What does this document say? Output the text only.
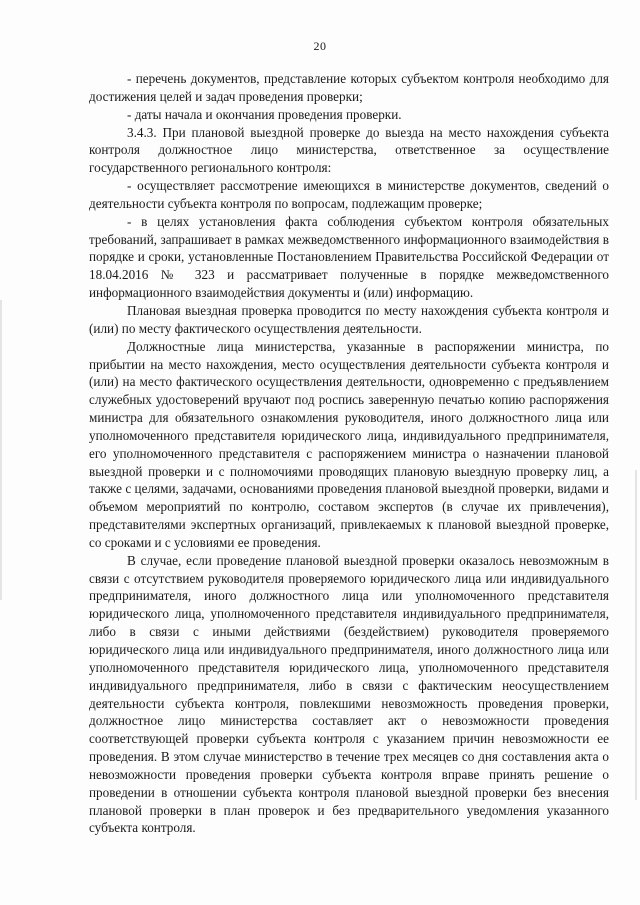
20

- перечень документов, представление которых субъектом контроля необходимо для достижения целей и задач проведения проверки;

- даты начала и окончания проведения проверки.

3.4.3. При плановой выездной проверке до выезда на место нахождения субъекта контроля должностное лицо министерства, ответственное за осуществление государственного регионального контроля:

- осуществляет рассмотрение имеющихся в министерстве документов, сведений о деятельности субъекта контроля по вопросам, подлежащим проверке;

- в целях установления факта соблюдения субъектом контроля обязательных требований, запрашивает в рамках межведомственного информационного взаимодействия в порядке и сроки, установленные Постановлением Правительства Российской Федерации от 18.04.2016 № 323 и рассматривает полученные в порядке межведомственного информационного взаимодействия документы и (или) информацию.

Плановая выездная проверка проводится по месту нахождения субъекта контроля и (или) по месту фактического осуществления деятельности.

Должностные лица министерства, указанные в распоряжении министра, по прибытии на место нахождения, место осуществления деятельности субъекта контроля и (или) на место фактического осуществления деятельности, одновременно с предъявлением служебных удостоверений вручают под роспись заверенную печатью копию распоряжения министра для обязательного ознакомления руководителя, иного должностного лица или уполномоченного представителя юридического лица, индивидуального предпринимателя, его уполномоченного представителя с распоряжением министра о назначении плановой выездной проверки и с полномочиями проводящих плановую выездную проверку лиц, а также с целями, задачами, основаниями проведения плановой выездной проверки, видами и объемом мероприятий по контролю, составом экспертов (в случае их привлечения), представителями экспертных организаций, привлекаемых к плановой выездной проверке, со сроками и с условиями ее проведения.

В случае, если проведение плановой выездной проверки оказалось невозможным в связи с отсутствием руководителя проверяемого юридического лица или индивидуального предпринимателя, иного должностного лица или уполномоченного представителя юридического лица, уполномоченного представителя индивидуального предпринимателя, либо в связи с иными действиями (бездействием) руководителя проверяемого юридического лица или индивидуального предпринимателя, иного должностного лица или уполномоченного представителя юридического лица, уполномоченного представителя индивидуального предпринимателя, либо в связи с фактическим неосуществлением деятельности субъекта контроля, повлекшими невозможность проведения проверки, должностное лицо министерства составляет акт о невозможности проведения соответствующей проверки субъекта контроля с указанием причин невозможности ее проведения. В этом случае министерство в течение трех месяцев со дня составления акта о невозможности проведения проверки субъекта контроля вправе принять решение о проведении в отношении субъекта контроля плановой выездной проверки без внесения плановой проверки в план проверок и без предварительного уведомления указанного субъекта контроля.
